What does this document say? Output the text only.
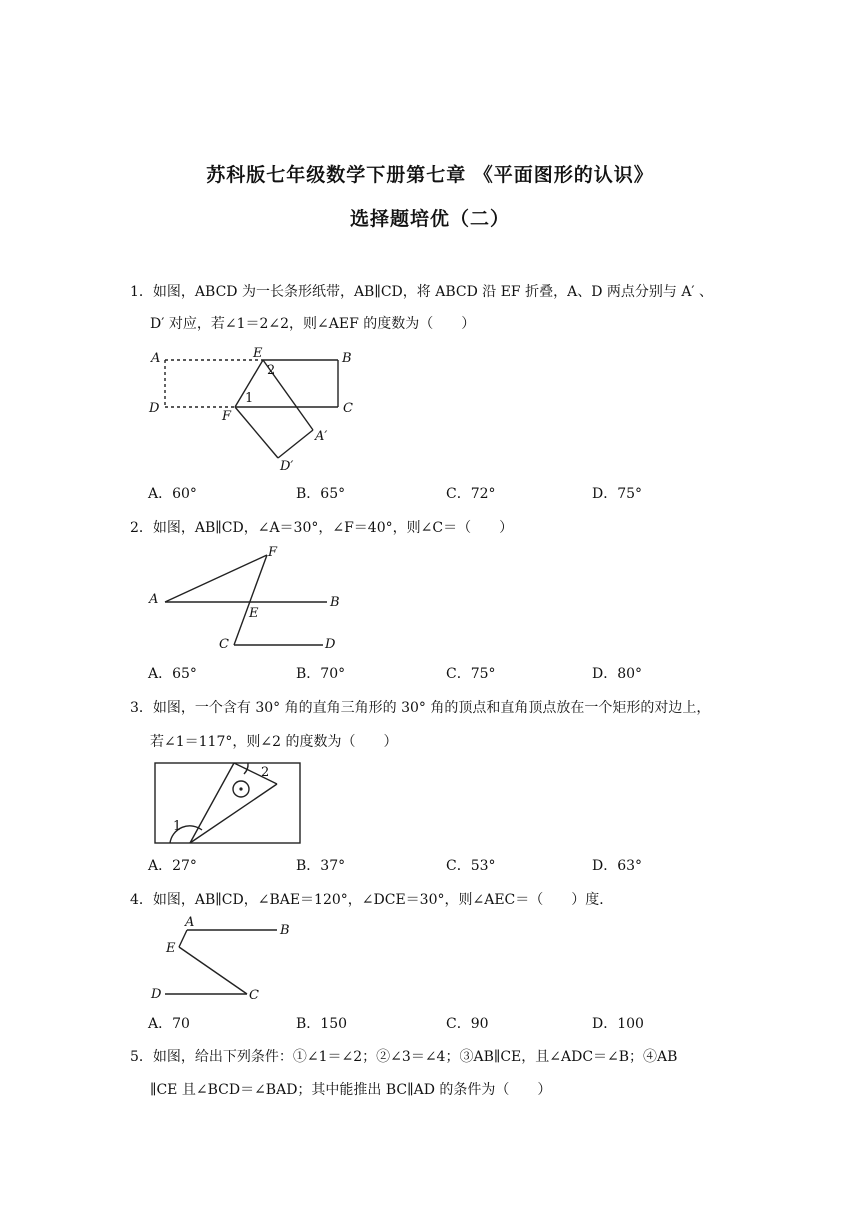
苏科版七年级数学下册第七章 《平面图形的认识》
选择题培优（二）
1．如图，ABCD 为一长条形纸带，AB∥CD，将 ABCD 沿 EF 折叠，A、D 两点分别与 A′ 、
D′ 对应，若∠1＝2∠2，则∠AEF 的度数为（　　）
A	E	B
2
1
D
F
C
A′
D′
A．60°	B．65°	C．72°	D．75°
2．如图，AB∥CD，∠A＝30°，∠F＝40°，则∠C＝（　　）
F
A
E
B
C	D
A．65°	B．70°	C．75°	D．80°
3．如图，一个含有 30° 角的直角三角形的 30° 角的顶点和直角顶点放在一个矩形的对边上，
若∠1＝117°，则∠2 的度数为（　　）
2
1
A．27°	B．37°	C．53°	D．63°
4．如图，AB∥CD，∠BAE＝120°，∠DCE＝30°，则∠AEC＝（　　）度．
A
B
E
D	C
A．70	B．150	C．90	D．100
5．如图，给出下列条件：①∠1＝∠2；②∠3＝∠4；③AB∥CE，且∠ADC＝∠B；④AB
∥CE 且∠BCD＝∠BAD；其中能推出 BC∥AD 的条件为（　　）
